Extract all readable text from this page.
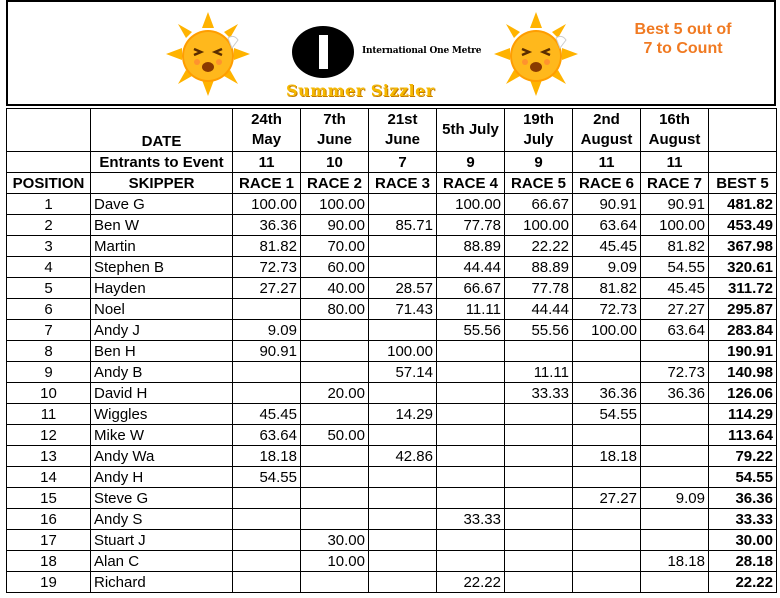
International One Metre
Summer Sizzler
Best 5 out of
7 to Count
	DATE	24th May	7th June	21st June	5th July	19th July	2nd August	16th August	
	Entrants to Event	11	10	7	9	9	11	11	
POSITION	SKIPPER	RACE 1	RACE 2	RACE 3	RACE 4	RACE 5	RACE 6	RACE 7	BEST 5
1	Dave G	100.00	100.00		100.00	66.67	90.91	90.91	481.82
2	Ben W	36.36	90.00	85.71	77.78	100.00	63.64	100.00	453.49
3	Martin	81.82	70.00		88.89	22.22	45.45	81.82	367.98
4	Stephen B	72.73	60.00		44.44	88.89	9.09	54.55	320.61
5	Hayden	27.27	40.00	28.57	66.67	77.78	81.82	45.45	311.72
6	Noel		80.00	71.43	11.11	44.44	72.73	27.27	295.87
7	Andy J	9.09			55.56	55.56	100.00	63.64	283.84
8	Ben H	90.91		100.00					190.91
9	Andy B			57.14		11.11		72.73	140.98
10	David H		20.00			33.33	36.36	36.36	126.06
11	Wiggles	45.45		14.29			54.55		114.29
12	Mike W	63.64	50.00						113.64
13	Andy Wa	18.18		42.86			18.18		79.22
14	Andy H	54.55							54.55
15	Steve G						27.27	9.09	36.36
16	Andy S				33.33				33.33
17	Stuart J		30.00						30.00
18	Alan C		10.00					18.18	28.18
19	Richard				22.22				22.22
